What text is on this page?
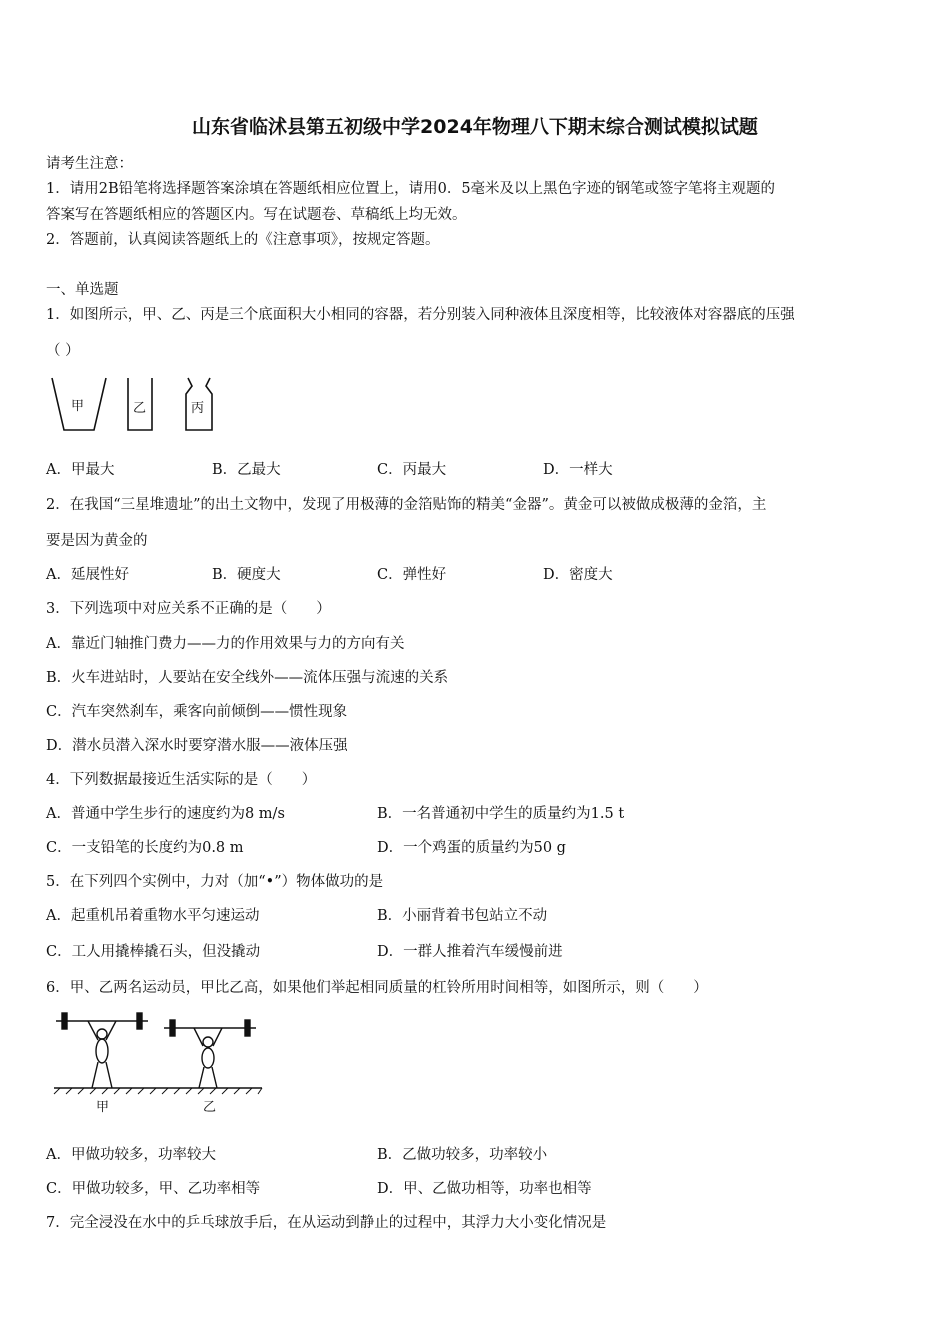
山东省临沭县第五初级中学2024年物理八下期末综合测试模拟试题
请考生注意：
1．请用2B铅笔将选择题答案涂填在答题纸相应位置上，请用0．5毫米及以上黑色字迹的钢笔或签字笔将主观题的
答案写在答题纸相应的答题区内。写在试题卷、草稿纸上均无效。
2．答题前，认真阅读答题纸上的《注意事项》，按规定答题。
一、单选题
1．如图所示，甲、乙、丙是三个底面积大小相同的容器，若分别装入同种液体且深度相等，比较液体对容器底的压强
（ ）
甲	乙	丙
A．甲最大	B．乙最大	C．丙最大	D．一样大
2．在我国“三星堆遗址”的出土文物中，发现了用极薄的金箔贴饰的精美“金器”。黄金可以被做成极薄的金箔，主
要是因为黄金的
A．延展性好	B．硬度大	C．弹性好	D．密度大
3．下列选项中对应关系不正确的是（　　）
A．靠近门轴推门费力——力的作用效果与力的方向有关
B．火车进站时，人要站在安全线外——流体压强与流速的关系
C．汽车突然刹车，乘客向前倾倒——惯性现象
D．潜水员潜入深水时要穿潜水服——液体压强
4．下列数据最接近生活实际的是（　　）
A．普通中学生步行的速度约为8 m/s	B．一名普通初中学生的质量约为1.5 t
C．一支铅笔的长度约为0.8 m	D．一个鸡蛋的质量约为50 g
5．在下列四个实例中，力对（加“•”）物体做功的是
A．起重机吊着重物水平匀速运动	B．小丽背着书包站立不动
C．工人用撬棒撬石头，但没撬动	D．一群人推着汽车缓慢前进
6．甲、乙两名运动员，甲比乙高，如果他们举起相同质量的杠铃所用时间相等，如图所示，则（　　）
甲	乙
A．甲做功较多，功率较大	B．乙做功较多，功率较小
C．甲做功较多，甲、乙功率相等	D．甲、乙做功相等，功率也相等
7．完全浸没在水中的乒乓球放手后，在从运动到静止的过程中，其浮力大小变化情况是
